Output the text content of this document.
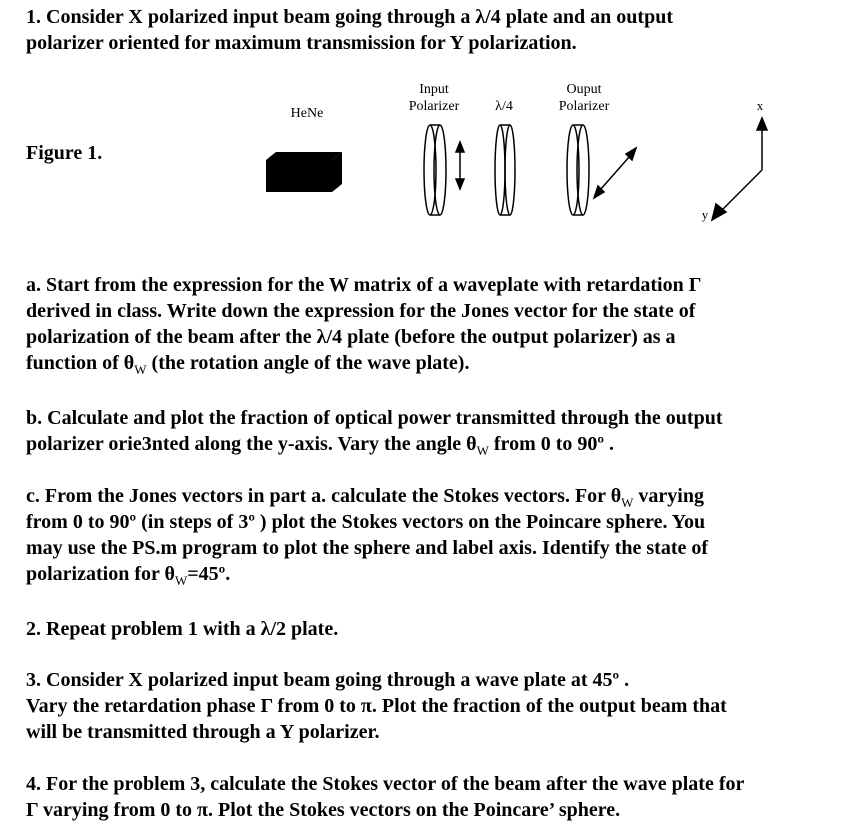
1. Consider X polarized input beam going through a λ/4 plate and an output

polarizer oriented for maximum transmission for Y polarization.

Figure 1.
HeNe
Input
Polarizer	λ/4
Ouput
Polarizer	x
y

a. Start from the expression for the W matrix of a waveplate with retardation Γ

derived in class. Write down the expression for the Jones vector for the state of

polarization of the beam after the λ/4 plate (before the output polarizer) as a

function of $\theta_W$ (the rotation angle of the wave plate).

b. Calculate and plot the fraction of optical power transmitted through the output

polarizer orie3nted along the y-axis. Vary the angle $\theta_W$ from 0 to 90º .

c. From the Jones vectors in part a. calculate the Stokes vectors. For $\theta_W$ varying

from 0 to 90º (in steps of 3º ) plot the Stokes vectors on the Poincare sphere. You

may use the PS.m program to plot the sphere and label axis. Identify the state of

polarization for $\theta_W=45º$.

2. Repeat problem 1 with a λ/2 plate.

3. Consider X polarized input beam going through a wave plate at 45º .

Vary the retardation phase Γ from 0 to π. Plot the fraction of the output beam that

will be transmitted through a Y polarizer.

4. For the problem 3, calculate the Stokes vector of the beam after the wave plate for

Γ varying from 0 to π. Plot the Stokes vectors on the Poincare’ sphere.
